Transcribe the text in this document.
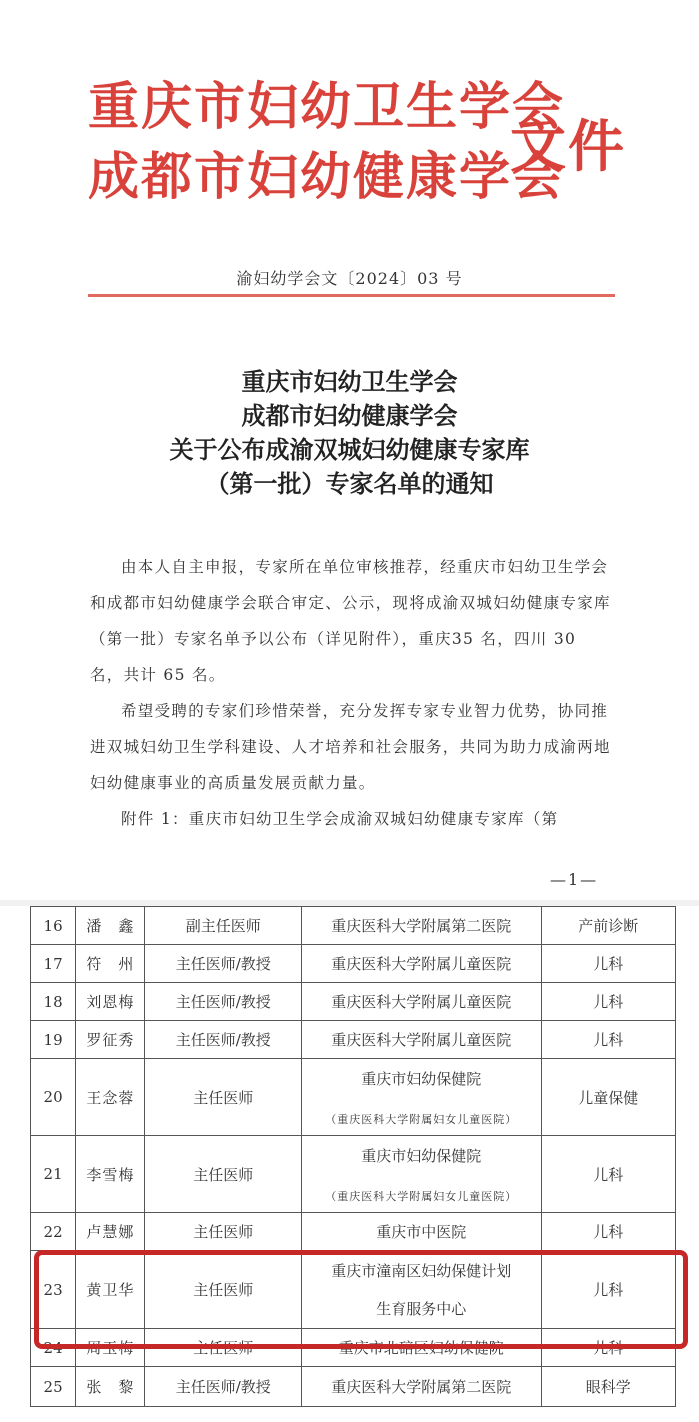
重庆市妇幼卫生学会
成都市妇幼健康学会
文件
渝妇幼学会文〔2024〕03 号
重庆市妇幼卫生学会
成都市妇幼健康学会
关于公布成渝双城妇幼健康专家库
（第一批）专家名单的通知

由本人自主申报，专家所在单位审核推荐，经重庆市妇幼卫生学会和成都市妇幼健康学会联合审定、公示，现将成渝双城妇幼健康专家库（第一批）专家名单予以公布（详见附件），重庆35 名，四川 30 名，共计 65 名。

希望受聘的专家们珍惜荣誉，充分发挥专家专业智力优势，协同推进双城妇幼卫生学科建设、人才培养和社会服务，共同为助力成渝两地妇幼健康事业的高质量发展贡献力量。

附件 1：重庆市妇幼卫生学会成渝双城妇幼健康专家库（第

—1—
16	潘　鑫	副主任医师	重庆医科大学附属第二医院	产前诊断
17	符　州	主任医师/教授	重庆医科大学附属儿童医院	儿科
18	刘恩梅	主任医师/教授	重庆医科大学附属儿童医院	儿科
19	罗征秀	主任医师/教授	重庆医科大学附属儿童医院	儿科
20	王念蓉	主任医师	重庆市妇幼保健院
（重庆医科大学附属妇女儿童医院）	儿童保健
21	李雪梅	主任医师	重庆市妇幼保健院
（重庆医科大学附属妇女儿童医院）	儿科
22	卢慧娜	主任医师	重庆市中医院	儿科
23	黄卫华	主任医师	重庆市潼南区妇幼保健计划
生育服务中心	儿科
24	周玉梅	主任医师	重庆市北碚区妇幼保健院	儿科
25	张　黎	主任医师/教授	重庆医科大学附属第二医院	眼科学
